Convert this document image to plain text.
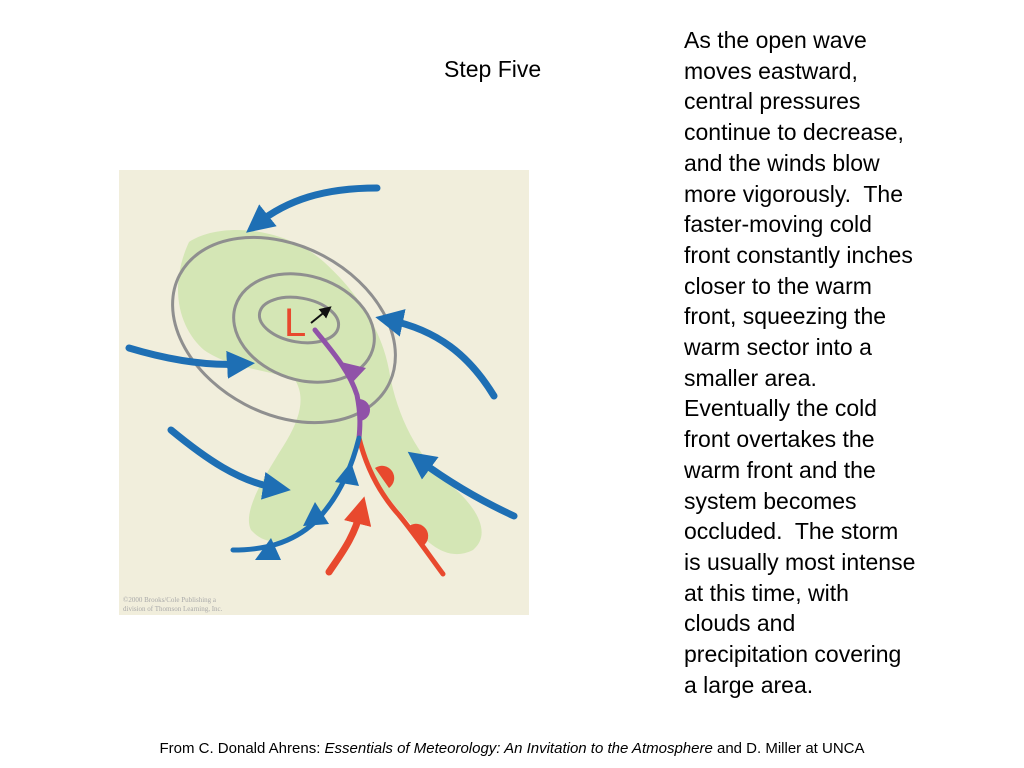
Step Five
As the open wave
moves eastward,
central pressures
continue to decrease,
and the winds blow
more vigorously.  The
faster-moving cold
front constantly inches
closer to the warm
front, squeezing the
warm sector into a
smaller area.
Eventually the cold
front overtakes the
warm front and the
system becomes
occluded.  The storm
is usually most intense
at this time, with
clouds and
precipitation covering
a large area.
L
©2000 Brooks/Cole Publishing a
division of Thomson Learning, Inc.
From C. Donald Ahrens: Essentials of Meteorology: An Invitation to the Atmosphere and D. Miller at UNCA
